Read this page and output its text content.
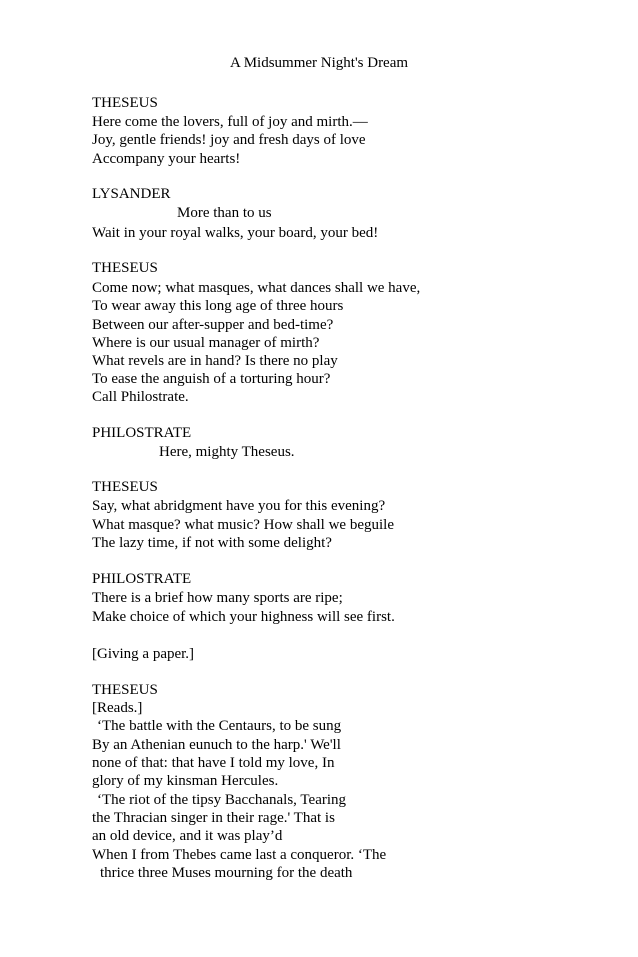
A Midsummer Night's Dream
THESEUS
Here come the lovers, full of joy and mirth.—
Joy, gentle friends! joy and fresh days of love
Accompany your hearts!
LYSANDER
More than to us
Wait in your royal walks, your board, your bed!
THESEUS
Come now; what masques, what dances shall we have,
To wear away this long age of three hours
Between our after-supper and bed-time?
Where is our usual manager of mirth?
What revels are in hand? Is there no play
To ease the anguish of a torturing hour?
Call Philostrate.
PHILOSTRATE
Here, mighty Theseus.
THESEUS
Say, what abridgment have you for this evening?
What masque? what music? How shall we beguile
The lazy time, if not with some delight?
PHILOSTRATE
There is a brief how many sports are ripe;
Make choice of which your highness will see first.
[Giving a paper.]
THESEUS
[Reads.]
‘The battle with the Centaurs, to be sung
By an Athenian eunuch to the harp.' We'll
none of that: that have I told my love, In
glory of my kinsman Hercules.
‘The riot of the tipsy Bacchanals, Tearing
the Thracian singer in their rage.' That is
an old device, and it was play’d
When I from Thebes came last a conqueror. ‘The
thrice three Muses mourning for the death
